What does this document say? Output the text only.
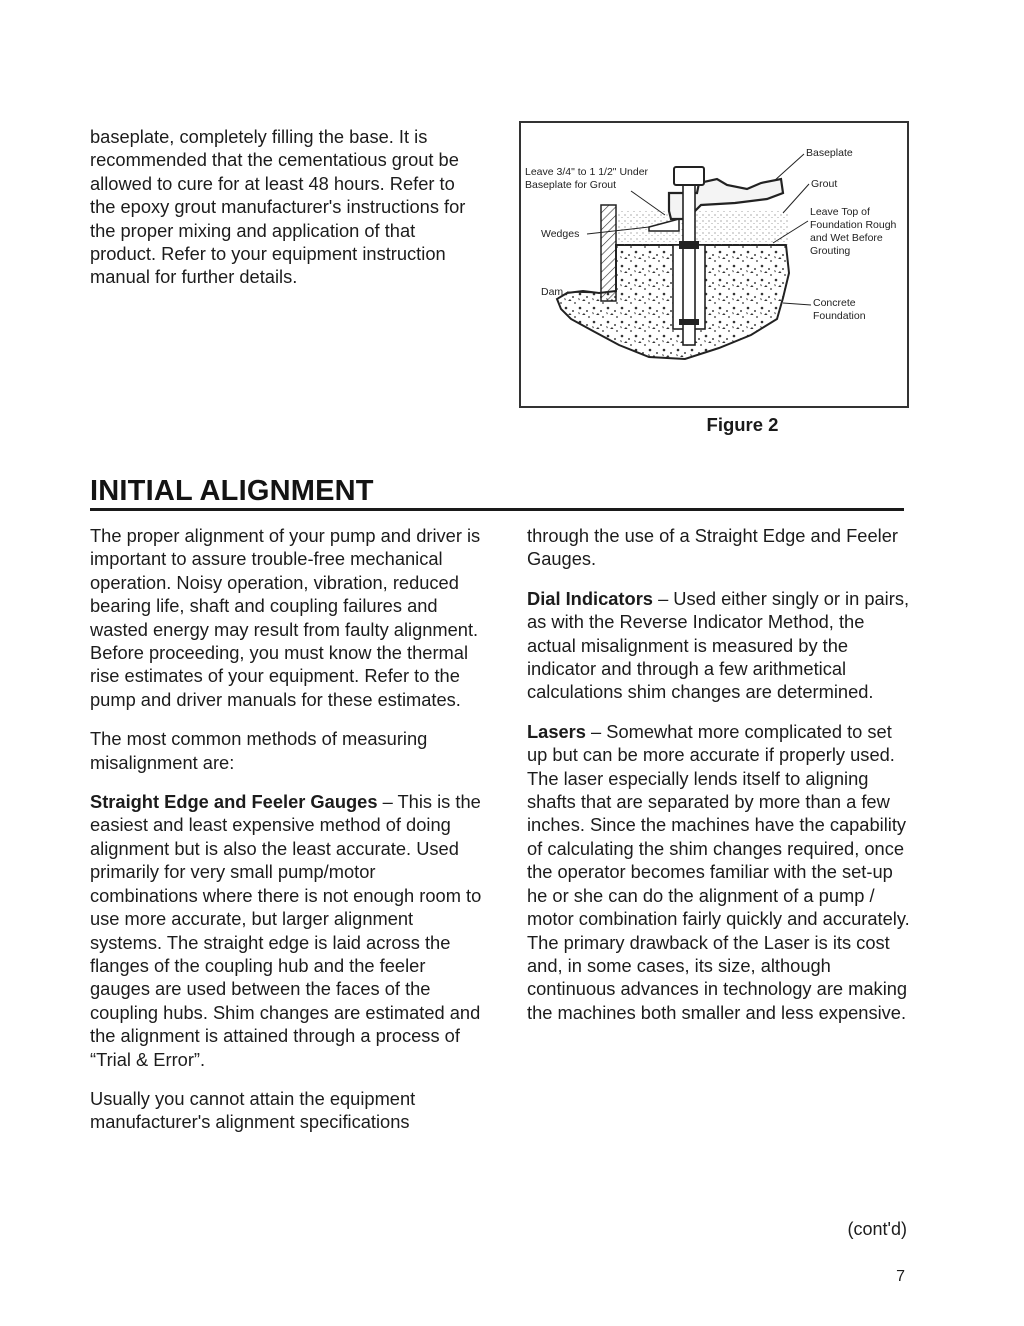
baseplate, completely filling the base. It is recommended that the cementatious grout be allowed to cure for at least 48 hours. Refer to the epoxy grout manufacturer's instructions for the proper mixing and application of that product. Refer to your equipment instruction manual for further details.

Baseplate
Grout
Leave 3/4" to 1 1/2" Under
Baseplate for Grout
Wedges
Leave Top of
Foundation Rough
and Wet Before
Grouting
Dam
Concrete
Foundation
Figure 2
INITIAL ALIGNMENT

The proper alignment of your pump and driver is important to assure trouble-free mechanical operation. Noisy operation, vibration, reduced bearing life, shaft and coupling failures and wasted energy may result from faulty alignment. Before proceeding, you must know the thermal rise estimates of your equipment. Refer to the pump and driver manuals for these estimates.

The most common methods of measuring misalignment are:

Straight Edge and Feeler Gauges – This is the easiest and least expensive method of doing alignment but is also the least accurate. Used primarily for very small pump/motor combinations where there is not enough room to use more accurate, but larger alignment systems. The straight edge is laid across the flanges of the coupling hub and the feeler gauges are used between the faces of the coupling hubs. Shim changes are estimated and the alignment is attained through a process of “Trial & Error”.

Usually you cannot attain the equipment manufacturer's alignment specifications

through the use of a Straight Edge and Feeler Gauges.

Dial Indicators – Used either singly or in pairs, as with the Reverse Indicator Method, the actual misalignment is measured by the indicator and through a few arithmetical calculations shim changes are determined.

Lasers – Somewhat more complicated to set up but can be more accurate if properly used. The laser especially lends itself to aligning shafts that are separated by more than a few inches. Since the machines have the capability of calculating the shim changes required, once the operator becomes familiar with the set-up he or she can do the alignment of a pump / motor combination fairly quickly and accurately. The primary drawback of the Laser is its cost and, in some cases, its size, although continuous advances in technology are making the machines both smaller and less expensive.

(cont'd)
7
